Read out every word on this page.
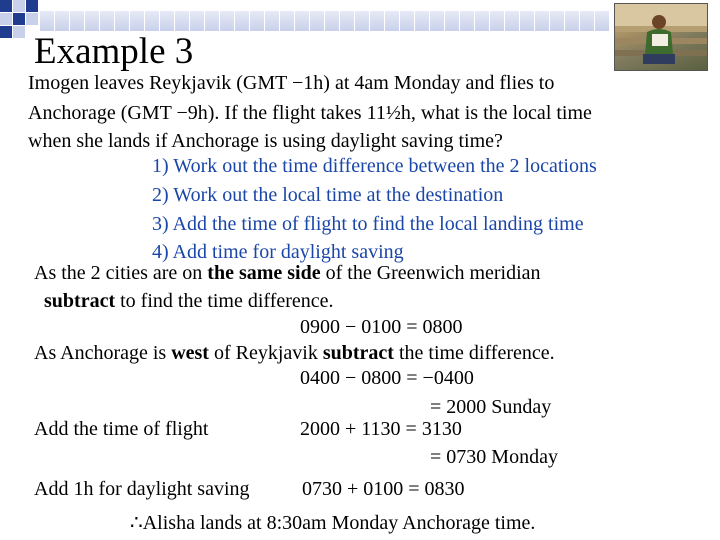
Example 3
Imogen leaves Reykjavik (GMT −1h) at 4am Monday and flies to
Anchorage (GMT −9h). If the flight takes 11½h, what is the local time
when she lands if Anchorage is using daylight saving time?
1) Work out the time difference between the 2 locations
2) Work out the local time at the destination
3) Add the time of flight to find the local landing time
4) Add time for daylight saving
As the 2 cities are on the same side of the Greenwich meridian
subtract to find the time difference.
0900 − 0100 = 0800
As Anchorage is west of Reykjavik subtract the time difference.
0400 − 0800 = −0400
= 2000 Sunday
Add the time of flight	2000 + 1130 = 3130
= 0730 Monday
Add 1h for daylight saving	0730 + 0100 = 0830
∴Alisha lands at 8:30am Monday Anchorage time.
